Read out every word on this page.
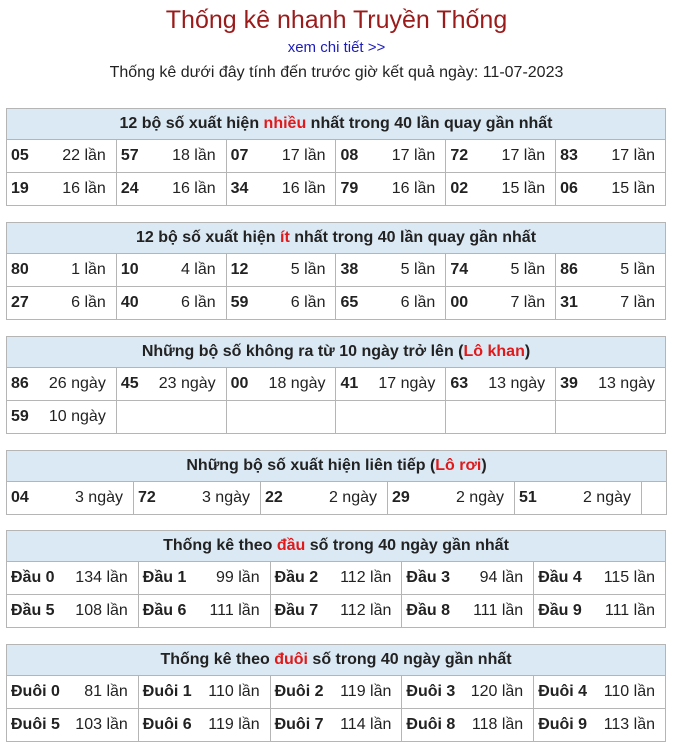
Thống kê nhanh Truyền Thống
xem chi tiết >>
Thống kê dưới đây tính đến trước giờ kết quả ngày: 11-07-2023
12 bộ số xuất hiện nhiều nhất trong 40 lần quay gần nhất					
05 22 lần	57 18 lần	07 17 lần	08 17 lần	72 17 lần	83 17 lần

19 16 lần	24 16 lần	34 16 lần	79 16 lần	02 15 lần	06 15 lần
12 bộ số xuất hiện ít nhất trong 40 lần quay gần nhất					
80 1 lần	10 4 lần	12 5 lần	38 5 lần	74 5 lần	86 5 lần

27 6 lần	40 6 lần	59 6 lần	65 6 lần	00 7 lần	31 7 lần
Những bộ số không ra từ 10 ngày trở lên (Lô khan)					
86 26 ngày	45 23 ngày	00 18 ngày	41 17 ngày	63 13 ngày	39 13 ngày

59 10 ngày					

Những bộ số xuất hiện liên tiếp (Lô rơi)
04	3 ngày	72	3 ngày	22	2 ngày	29	2 ngày	51	2 ngày

Thống kê theo đầu số trong 40 ngày gần nhất				
Đầu 0 134 lần	Đầu 1 99 lần	Đầu 2 112 lần	Đầu 3 94 lần	Đầu 4 115 lần

Đầu 5 108 lần	Đầu 6 111 lần	Đầu 7 112 lần	Đầu 8 111 lần	Đầu 9 111 lần
Thống kê theo đuôi số trong 40 ngày gần nhất				
Đuôi 0 81 lần	Đuôi 1 110 lần	Đuôi 2 119 lần	Đuôi 3 120 lần	Đuôi 4 110 lần

Đuôi 5 103 lần	Đuôi 6 119 lần	Đuôi 7 114 lần	Đuôi 8 118 lần	Đuôi 9 113 lần
